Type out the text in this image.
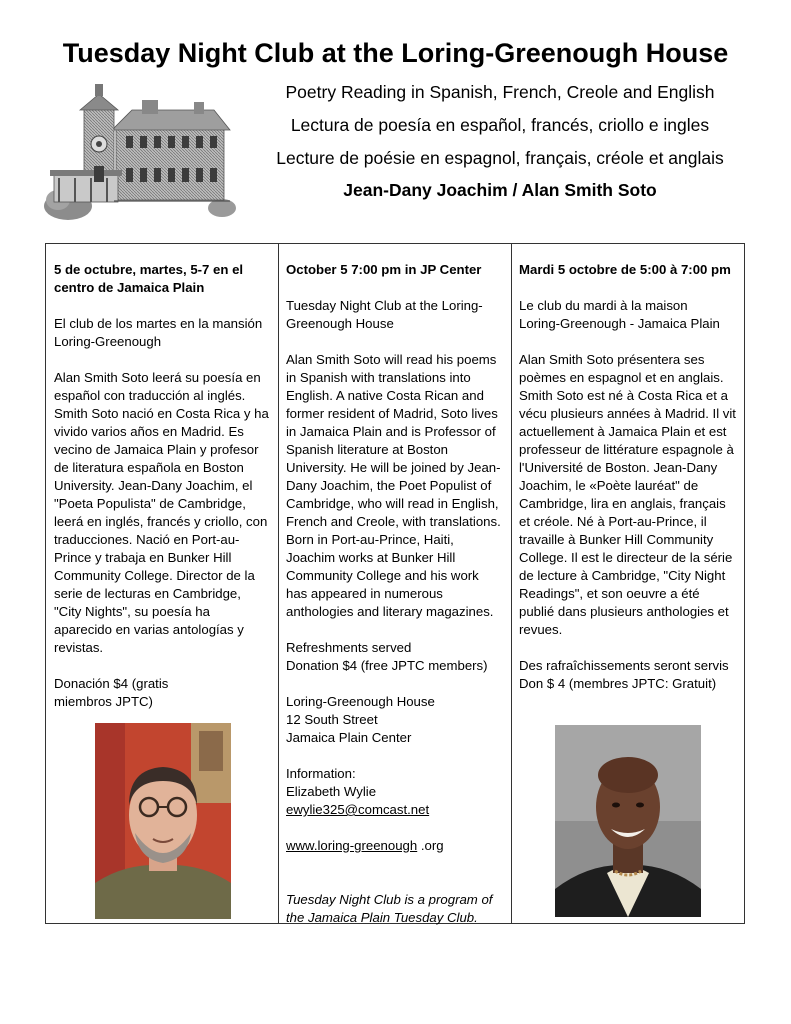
Tuesday Night Club at the Loring-Greenough House

Poetry Reading in Spanish, French, Creole and English

Lectura de poesía en español, francés, criollo e ingles

Lecture de poésie en espagnol, français, créole et anglais

Jean-Dany Joachim / Alan Smith Soto

5 de octubre, martes, 5-7 en el centro de Jamaica Plain

El club de los martes en la mansión Loring-Greenough

Alan Smith Soto leerá su poesía en español con traducción al inglés. Smith Soto nació en Costa Rica y ha vivido varios años en Madrid. Es vecino de Jamaica Plain y profesor de literatura española en Boston University. Jean-Dany Joachim, el "Poeta Populista" de Cambridge, leerá en inglés, francés y criollo, con traducciones. Nació en Port-au-Prince y trabaja en Bunker Hill Community College. Director de la serie de lecturas en Cambridge, "City Nights", su poesía ha aparecido en varias antologías y revistas.

Donación $4 (gratis
miembros JPTC)

October 5 7:00 pm in JP Center

Tuesday Night Club at the Loring-Greenough House

Alan Smith Soto will read his poems in Spanish with translations into English. A native Costa Rican and former resident of Madrid, Soto lives in Jamaica Plain and is Professor of Spanish literature at Boston University. He will be joined by Jean-Dany Joachim, the Poet Populist of Cambridge, who will read in English, French and Creole, with translations. Born in Port-au-Prince, Haiti, Joachim works at Bunker Hill Community College and his work has appeared in numerous anthologies and literary magazines.

Refreshments served
Donation $4 (free JPTC members)

Loring-Greenough House
12 South Street
Jamaica Plain Center

Information:
Elizabeth Wylie
ewylie325@comcast.net

www.loring-greenough .org

Tuesday Night Club is a program of the Jamaica Plain Tuesday Club.

Mardi 5 octobre de 5:00 à 7:00 pm

Le club du mardi à la maison
Loring-Greenough - Jamaica Plain

Alan Smith Soto présentera ses poèmes en espagnol et en anglais. Smith Soto est né à Costa Rica et a vécu plusieurs années à Madrid. Il vit actuellement à Jamaica Plain et est professeur de littérature espagnole à l'Université de Boston. Jean-Dany Joachim, le «Poète lauréat" de Cambridge, lira en anglais, français et créole. Né à Port-au-Prince, il travaille à Bunker Hill Community College. Il est le directeur de la série de lecture à Cambridge, "City Night Readings", et son oeuvre a été publié dans plusieurs anthologies et revues.

Des rafraîchissements seront servis
Don $ 4 (membres JPTC: Gratuit)
